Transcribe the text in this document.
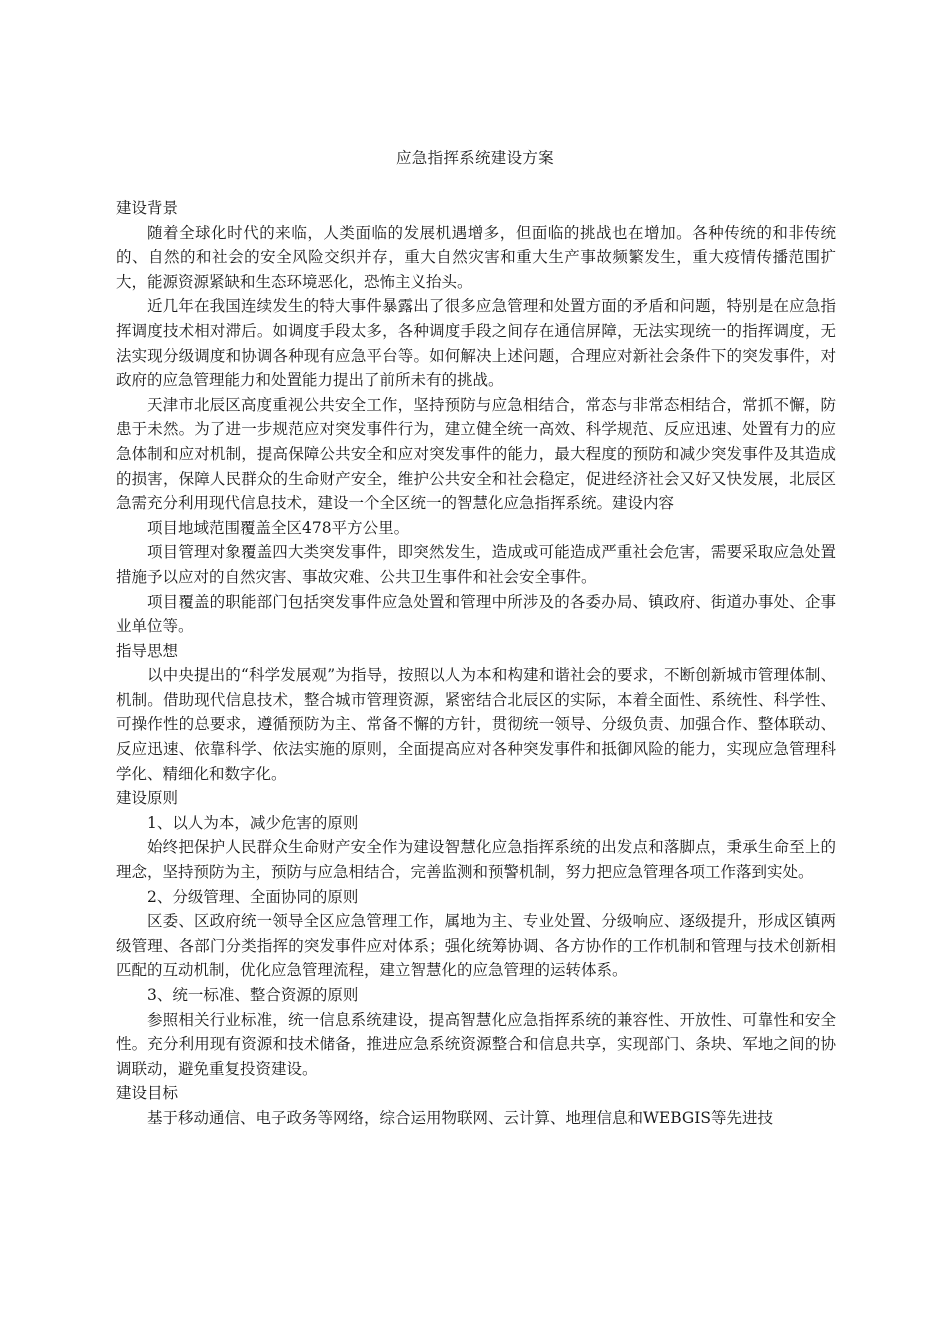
应急指挥系统建设方案
建设背景
随着全球化时代的来临，人类面临的发展机遇增多，但面临的挑战也在增加。各种传统的和非传统的、自然的和社会的安全风险交织并存，重大自然灾害和重大生产事故频繁发生，重大疫情传播范围扩大，能源资源紧缺和生态环境恶化，恐怖主义抬头。
近几年在我国连续发生的特大事件暴露出了很多应急管理和处置方面的矛盾和问题，特别是在应急指挥调度技术相对滞后。如调度手段太多，各种调度手段之间存在通信屏障，无法实现统一的指挥调度，无法实现分级调度和协调各种现有应急平台等。如何解决上述问题，合理应对新社会条件下的突发事件，对政府的应急管理能力和处置能力提出了前所未有的挑战。
天津市北辰区高度重视公共安全工作，坚持预防与应急相结合，常态与非常态相结合，常抓不懈，防患于未然。为了进一步规范应对突发事件行为，建立健全统一高效、科学规范、反应迅速、处置有力的应急体制和应对机制，提高保障公共安全和应对突发事件的能力，最大程度的预防和减少突发事件及其造成的损害，保障人民群众的生命财产安全，维护公共安全和社会稳定，促进经济社会又好又快发展，北辰区急需充分利用现代信息技术，建设一个全区统一的智慧化应急指挥系统。建设内容
项目地域范围覆盖全区478平方公里。
项目管理对象覆盖四大类突发事件，即突然发生，造成或可能造成严重社会危害，需要采取应急处置措施予以应对的自然灾害、事故灾难、公共卫生事件和社会安全事件。
项目覆盖的职能部门包括突发事件应急处置和管理中所涉及的各委办局、镇政府、街道办事处、企事业单位等。
指导思想
以中央提出的“科学发展观”为指导，按照以人为本和构建和谐社会的要求，不断创新城市管理体制、机制。借助现代信息技术，整合城市管理资源，紧密结合北辰区的实际，本着全面性、系统性、科学性、可操作性的总要求，遵循预防为主、常备不懈的方针，贯彻统一领导、分级负责、加强合作、整体联动、反应迅速、依靠科学、依法实施的原则，全面提高应对各种突发事件和抵御风险的能力，实现应急管理科学化、精细化和数字化。
建设原则
1、以人为本，减少危害的原则
始终把保护人民群众生命财产安全作为建设智慧化应急指挥系统的出发点和落脚点，秉承生命至上的理念，坚持预防为主，预防与应急相结合，完善监测和预警机制，努力把应急管理各项工作落到实处。
2、分级管理、全面协同的原则
区委、区政府统一领导全区应急管理工作，属地为主、专业处置、分级响应、逐级提升，形成区镇两级管理、各部门分类指挥的突发事件应对体系；强化统筹协调、各方协作的工作机制和管理与技术创新相匹配的互动机制，优化应急管理流程，建立智慧化的应急管理的运转体系。
3、统一标准、整合资源的原则
参照相关行业标准，统一信息系统建设，提高智慧化应急指挥系统的兼容性、开放性、可靠性和安全性。充分利用现有资源和技术储备，推进应急系统资源整合和信息共享，实现部门、条块、军地之间的协调联动，避免重复投资建设。
建设目标
基于移动通信、电子政务等网络，综合运用物联网、云计算、地理信息和WEBGIS等先进技
